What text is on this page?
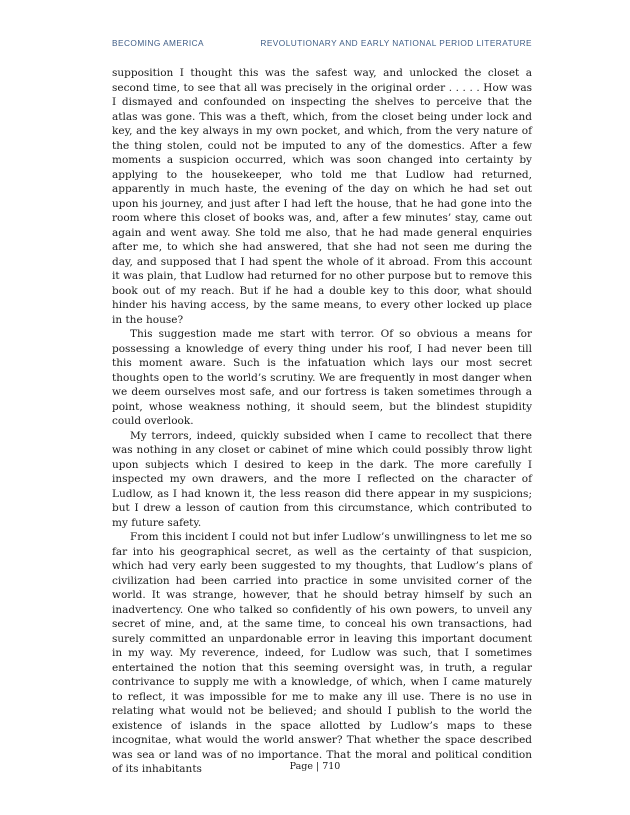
BECOMING AMERICA	REVOLUTIONARY AND EARLY NATIONAL PERIOD LITERATURE

supposition I thought this was the safest way, and unlocked the closet a second time, to see that all was precisely in the original order . . . . . How was I dismayed and confounded on inspecting the shelves to perceive that the atlas was gone. This was a theft, which, from the closet being under lock and key, and the key always in my own pocket, and which, from the very nature of the thing stolen, could not be imputed to any of the domestics. After a few moments a suspicion occurred, which was soon changed into certainty by applying to the housekeeper, who told me that Ludlow had returned, apparently in much haste, the evening of the day on which he had set out upon his journey, and just after I had left the house, that he had gone into the room where this closet of books was, and, after a few minutes’ stay, came out again and went away. She told me also, that he had made general enquiries after me, to which she had answered, that she had not seen me during the day, and supposed that I had spent the whole of it abroad. From this account it was plain, that Ludlow had returned for no other purpose but to remove this book out of my reach. But if he had a double key to this door, what should hinder his having access, by the same means, to every other locked up place in the house?

This suggestion made me start with terror. Of so obvious a means for possessing a knowledge of every thing under his roof, I had never been till this moment aware. Such is the infatuation which lays our most secret thoughts open to the world’s scrutiny. We are frequently in most danger when we deem ourselves most safe, and our fortress is taken sometimes through a point, whose weakness nothing, it should seem, but the blindest stupidity could overlook.

My terrors, indeed, quickly subsided when I came to recollect that there was nothing in any closet or cabinet of mine which could possibly throw light upon subjects which I desired to keep in the dark. The more carefully I inspected my own drawers, and the more I reflected on the character of Ludlow, as I had known it, the less reason did there appear in my suspicions; but I drew a lesson of caution from this circumstance, which contributed to my future safety.

From this incident I could not but infer Ludlow’s unwillingness to let me so far into his geographical secret, as well as the certainty of that suspicion, which had very early been suggested to my thoughts, that Ludlow’s plans of civilization had been carried into practice in some unvisited corner of the world. It was strange, however, that he should betray himself by such an inadvertency. One who talked so confidently of his own powers, to unveil any secret of mine, and, at the same time, to conceal his own transactions, had surely committed an unpardonable error in leaving this important document in my way. My reverence, indeed, for Ludlow was such, that I sometimes entertained the notion that this seeming oversight was, in truth, a regular contrivance to supply me with a knowledge, of which, when I came maturely to reflect, it was impossible for me to make any ill use. There is no use in relating what would not be believed; and should I publish to the world the existence of islands in the space allotted by Ludlow’s maps to these incognitae, what would the world answer? That whether the space described was sea or land was of no importance. That the moral and political condition of its inhabitants	Page | 710
